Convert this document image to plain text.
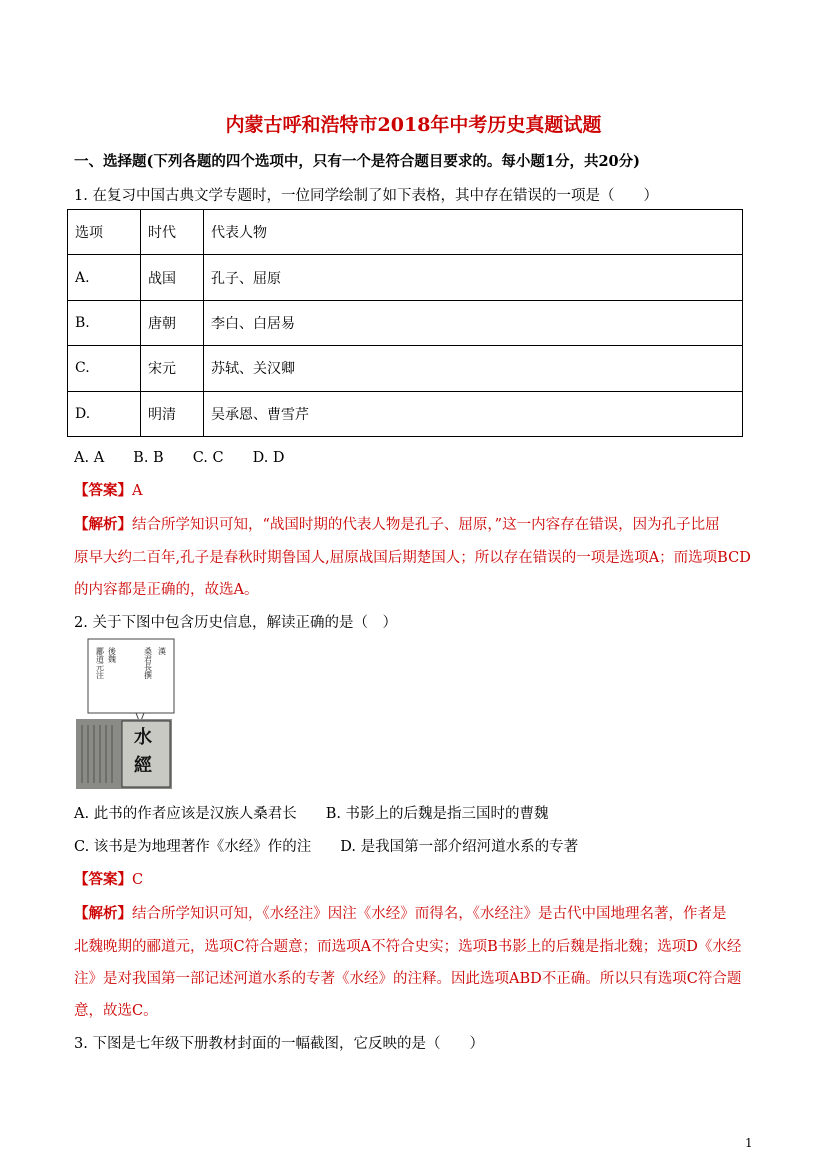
内蒙古呼和浩特市2018年中考历史真题试题
一、选择题(下列各题的四个选项中，只有一个是符合题目要求的。每小题1分，共20分)
1. 在复习中国古典文学专题时，一位同学绘制了如下表格，其中存在错误的一项是（　　）
选项	时代	代表人物
A.	战国	孔子、屈原
B.	唐朝	李白、白居易
C.	宋元	苏轼、关汉卿
D.	明清	吴承恩、曹雪芹
A. A　　B. B　　C. C　　D. D
【答案】A
【解析】结合所学知识可知，“战国时期的代表人物是孔子、屈原，”这一内容存在错误，因为孔子比屈
原早大约二百年,孔子是春秋时期鲁国人,屈原战国后期楚国人；所以存在错误的一项是选项A；而选项BCD
的内容都是正确的，故选A。
2. 关于下图中包含历史信息，解读正确的是（　）
漢
桑君長撰
後魏
酈道元注
水
經
A. 此书的作者应该是汉族人桑君长　　B. 书影上的后魏是指三国时的曹魏
C. 该书是为地理著作《水经》作的注　　D. 是我国第一部介绍河道水系的专著
【答案】C
【解析】结合所学知识可知，《水经注》因注《水经》而得名，《水经注》是古代中国地理名著，作者是
北魏晚期的郦道元，选项C符合题意；而选项A不符合史实；选项B书影上的后魏是指北魏；选项D《水经
注》是对我国第一部记述河道水系的专著《水经》的注释。因此选项ABD不正确。所以只有选项C符合题
意，故选C。
3. 下图是七年级下册教材封面的一幅截图，它反映的是（　　）
1
